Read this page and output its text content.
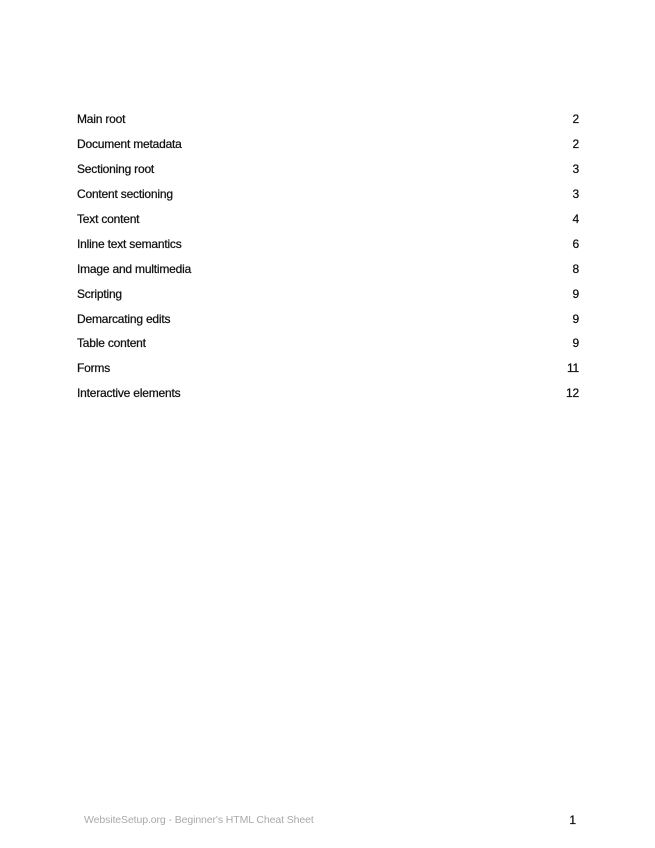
Main root	2
Document metadata	2
Sectioning root	3
Content sectioning	3
Text content	4
Inline text semantics	6
Image and multimedia	8
Scripting	9
Demarcating edits	9
Table content	9
Forms	11
Interactive elements	12
WebsiteSetup.org - Beginner's HTML Cheat Sheet	1
